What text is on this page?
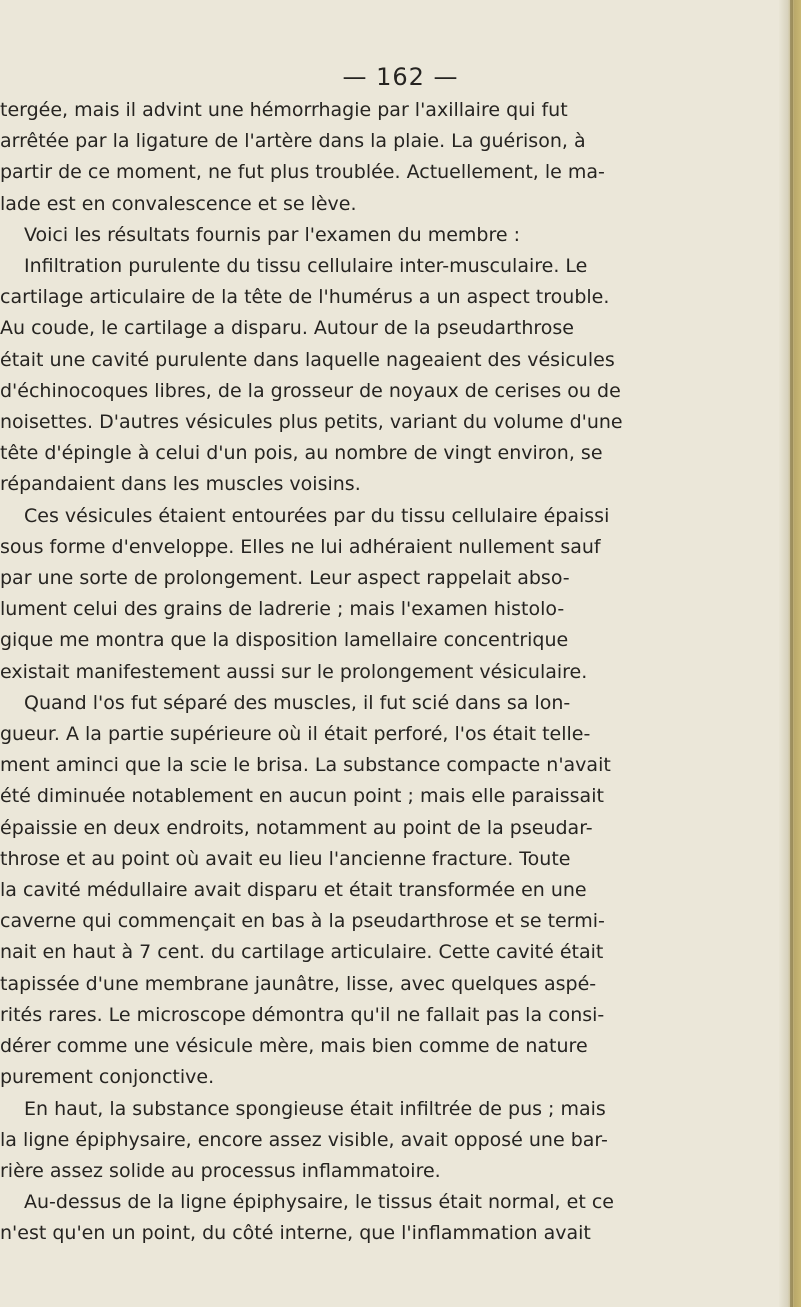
— 162 —
tergée, mais il advint une hémorrhagie par l'axillaire qui fut
arrêtée par la ligature de l'artère dans la plaie. La guérison, à
partir de ce moment, ne fut plus troublée. Actuellement, le ma-
lade est en convalescence et se lève.
Voici les résultats fournis par l'examen du membre :
Infiltration purulente du tissu cellulaire inter-musculaire. Le
cartilage articulaire de la tête de l'humérus a un aspect trouble.
Au coude, le cartilage a disparu. Autour de la pseudarthrose
était une cavité purulente dans laquelle nageaient des vésicules
d'échinocoques libres, de la grosseur de noyaux de cerises ou de
noisettes. D'autres vésicules plus petits, variant du volume d'une
tête d'épingle à celui d'un pois, au nombre de vingt environ, se
répandaient dans les muscles voisins.
Ces vésicules étaient entourées par du tissu cellulaire épaissi
sous forme d'enveloppe. Elles ne lui adhéraient nullement sauf
par une sorte de prolongement. Leur aspect rappelait abso-
lument celui des grains de ladrerie ; mais l'examen histolo-
gique me montra que la disposition lamellaire concentrique
existait manifestement aussi sur le prolongement vésiculaire.
Quand l'os fut séparé des muscles, il fut scié dans sa lon-
gueur. A la partie supérieure où il était perforé, l'os était telle-
ment aminci que la scie le brisa. La substance compacte n'avait
été diminuée notablement en aucun point ; mais elle paraissait
épaissie en deux endroits, notamment au point de la pseudar-
throse et au point où avait eu lieu l'ancienne fracture. Toute
la cavité médullaire avait disparu et était transformée en une
caverne qui commençait en bas à la pseudarthrose et se termi-
nait en haut à 7 cent. du cartilage articulaire. Cette cavité était
tapissée d'une membrane jaunâtre, lisse, avec quelques aspé-
rités rares. Le microscope démontra qu'il ne fallait pas la consi-
dérer comme une vésicule mère, mais bien comme de nature
purement conjonctive.
En haut, la substance spongieuse était infiltrée de pus ; mais
la ligne épiphysaire, encore assez visible, avait opposé une bar-
rière assez solide au processus inflammatoire.
Au-dessus de la ligne épiphysaire, le tissus était normal, et ce
n'est qu'en un point, du côté interne, que l'inflammation avait
